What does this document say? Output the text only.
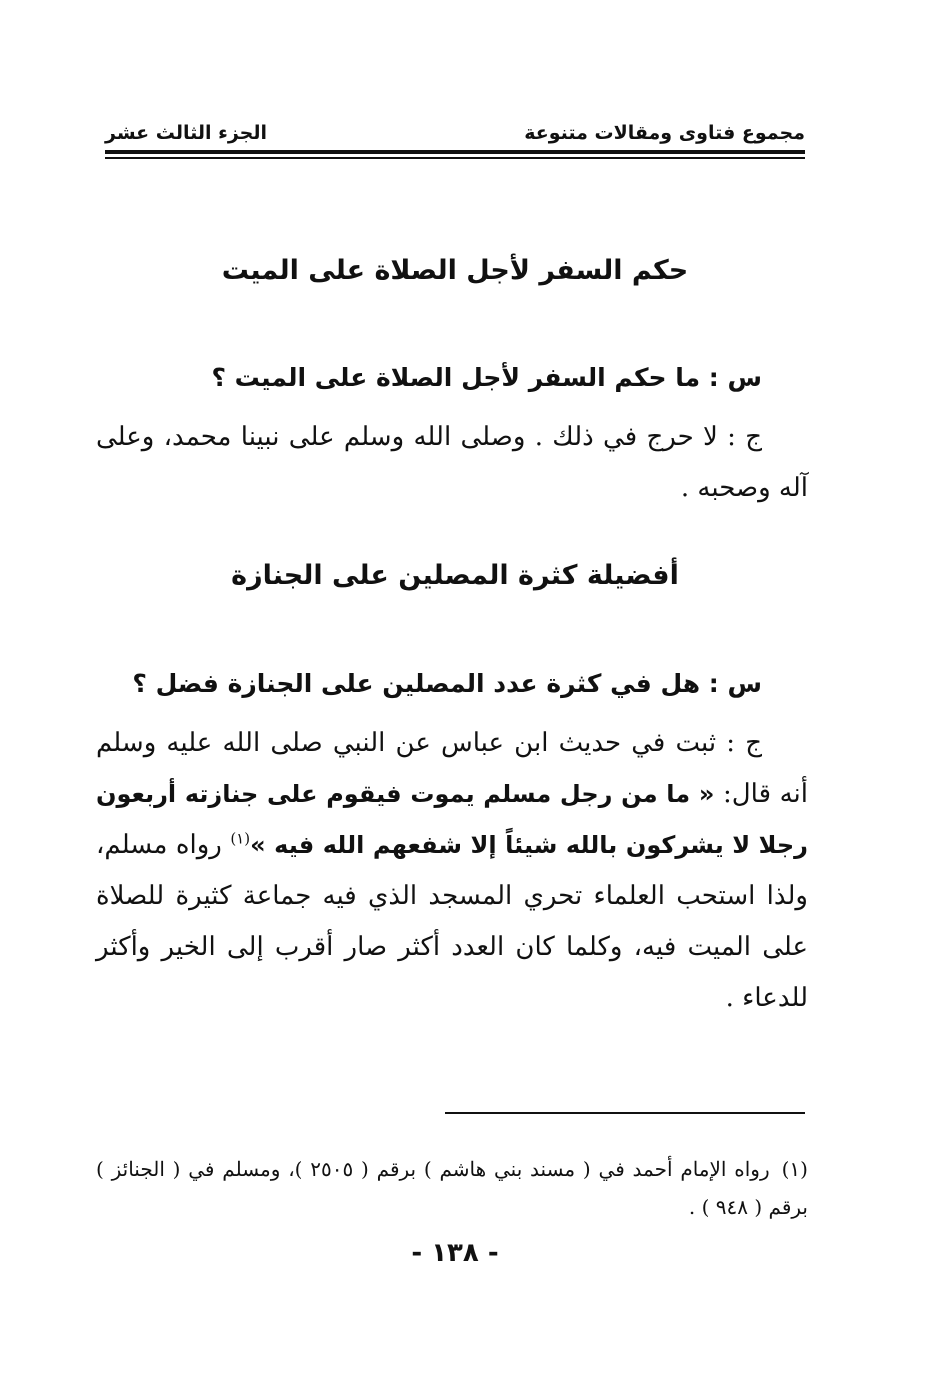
مجموع فتاوى ومقالات متنوعة
الجزء الثالث عشر
حكم السفر لأجل الصلاة على الميت
س : ما حكم السفر لأجل الصلاة على الميت ؟
ج : لا حرج في ذلك . وصلى الله وسلم على نبينا محمد، وعلى آله وصحبه .
أفضيلة كثرة المصلين على الجنازة
س : هل في كثرة عدد المصلين على الجنازة فضل ؟
ج : ثبت في حديث ابن عباس عن النبي صلى الله عليه وسلم أنه قال: « ما من رجل مسلم يموت فيقوم على جنازته أربعون رجلا لا يشركون بالله شيئاً إلا شفعهم الله فيه »$^{(١)}$ رواه مسلم، ولذا استحب العلماء تحري المسجد الذي فيه جماعة كثيرة للصلاة على الميت فيه، وكلما كان العدد أكثر صار أقرب إلى الخير وأكثر للدعاء .
(١)رواه الإمام أحمد في ( مسند بني هاشم ) برقم ( ٢٥٠٥ )، ومسلم في ( الجنائز ) برقم ( ٩٤٨ ) .
- ١٣٨ -
